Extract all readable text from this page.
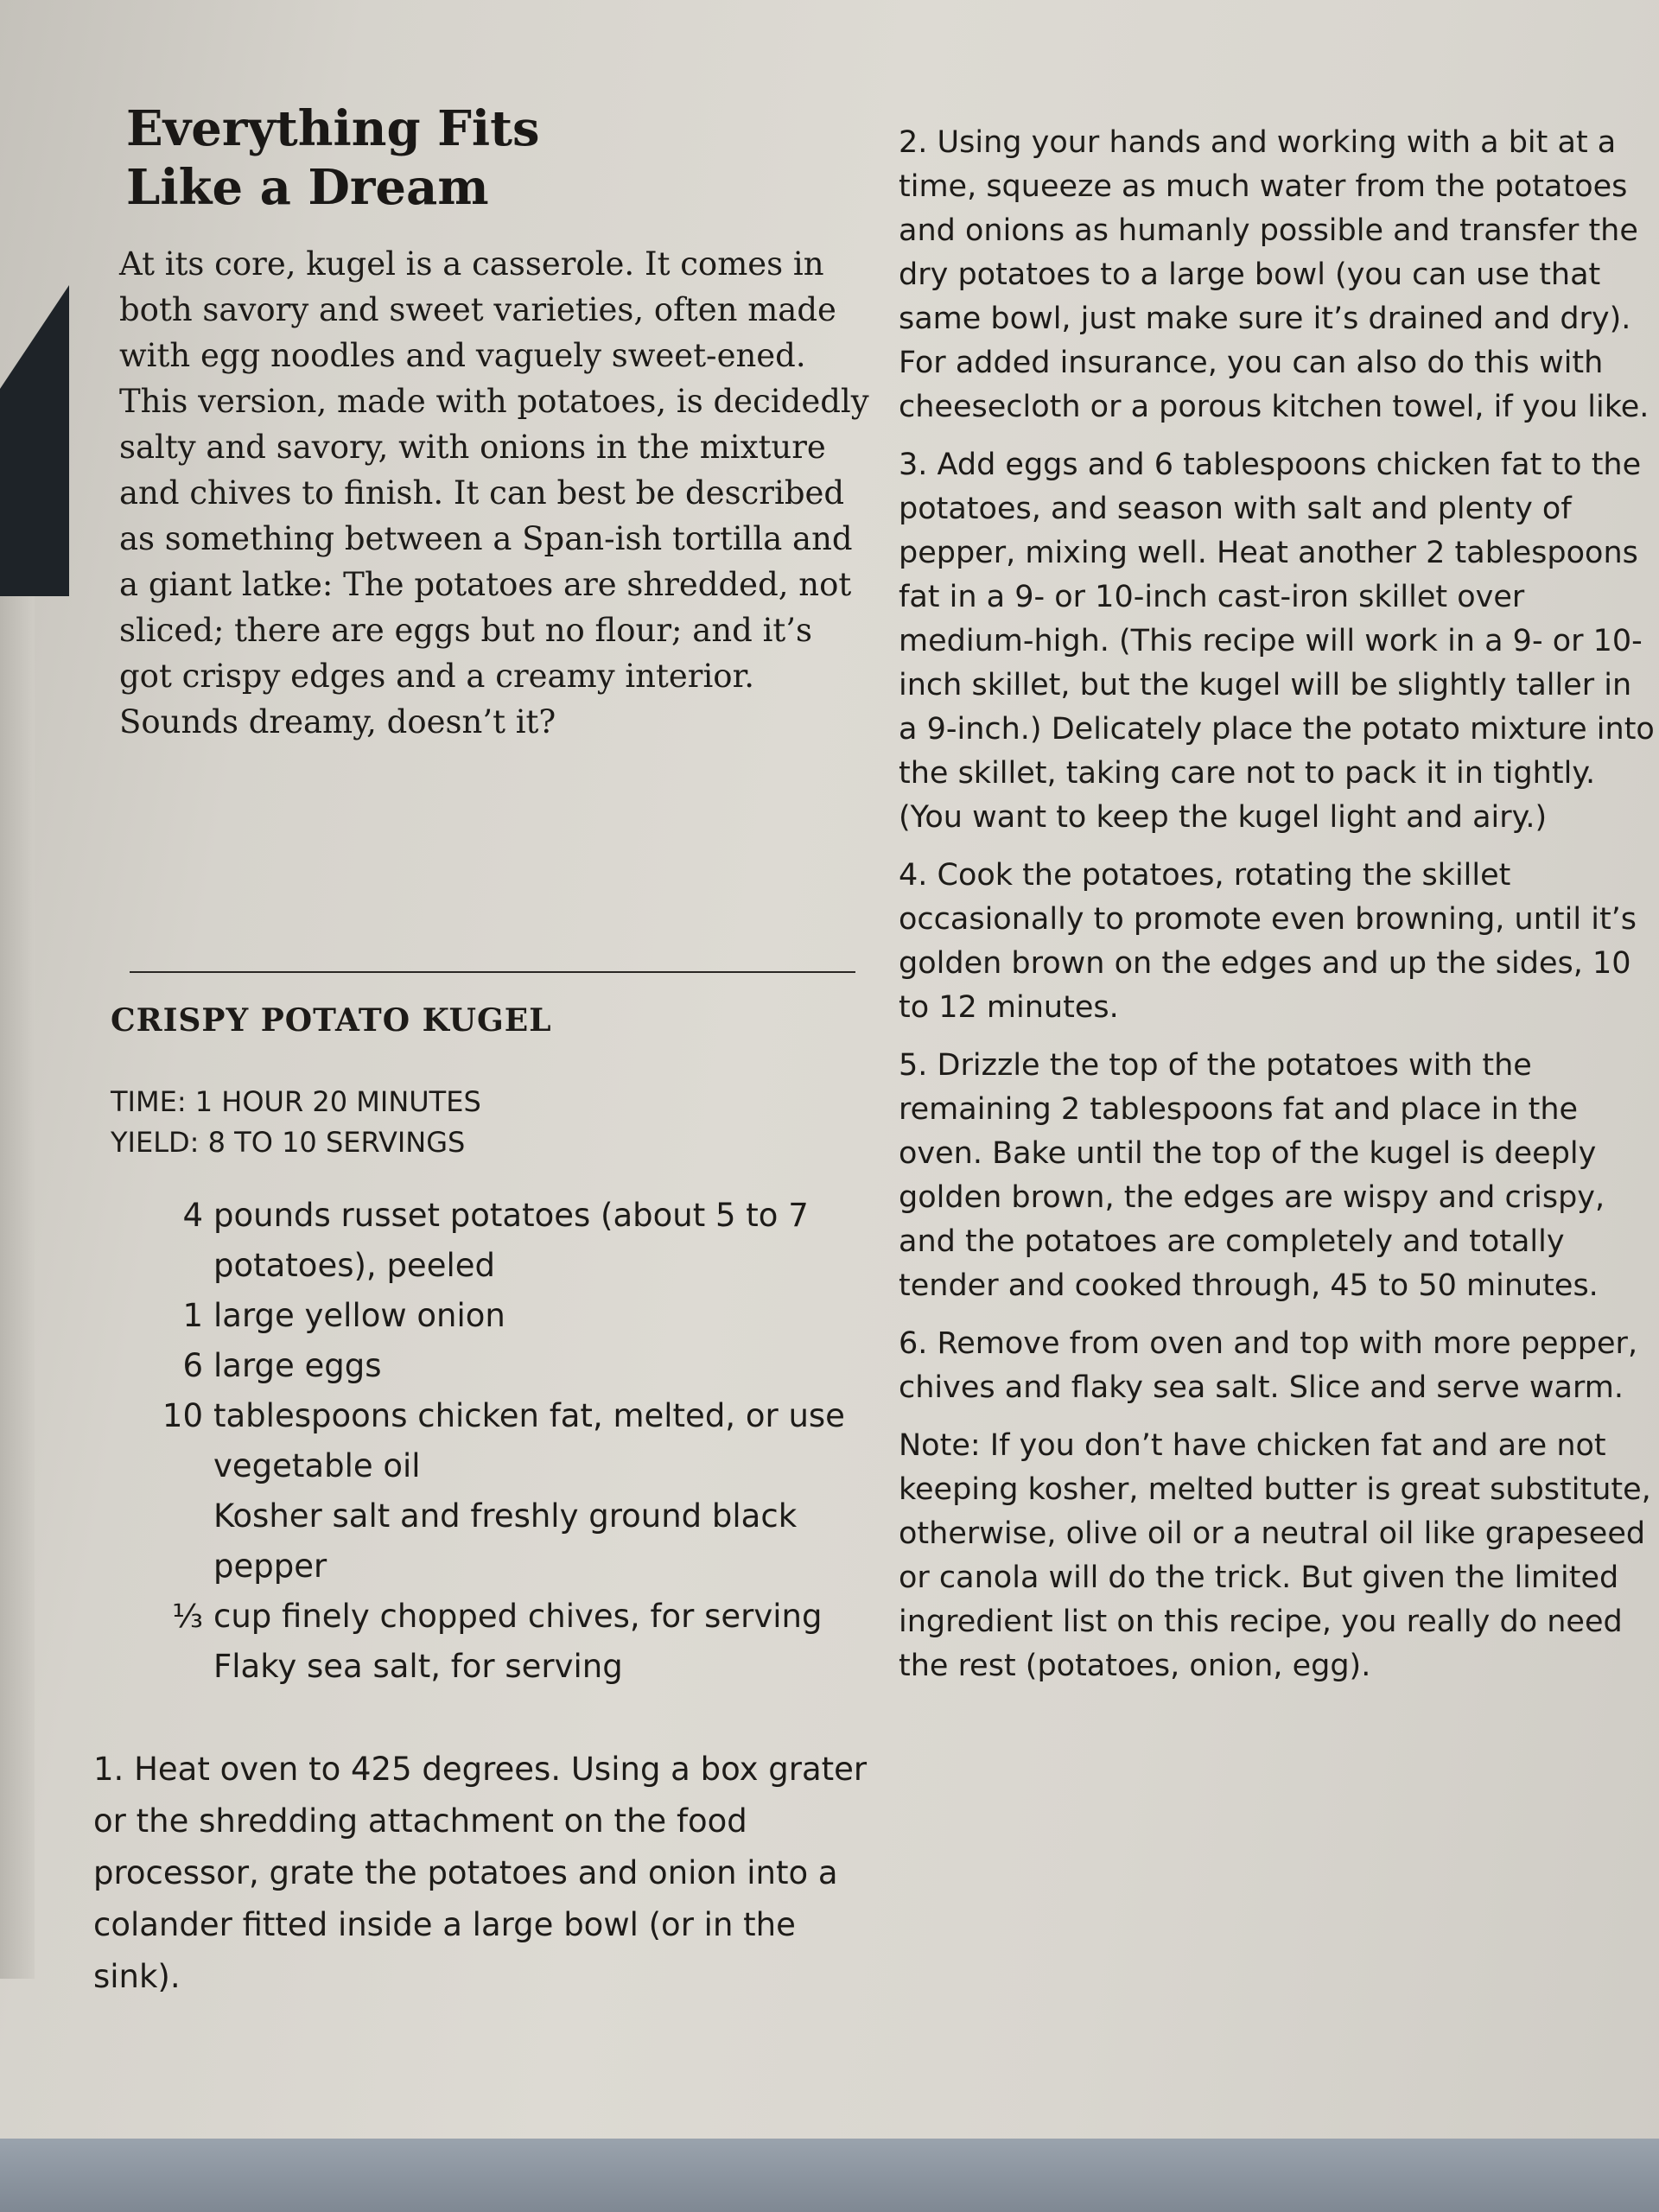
Everything Fits
Like a Dream

At its core, kugel is a casserole. It comes in both savory and sweet varieties, often made with egg noodles and vaguely sweet-ened. This version, made with potatoes, is decidedly salty and savory, with onions in the mixture and chives to finish. It can best be described as something between a Span-ish tortilla and a giant latke: The potatoes are shredded, not sliced; there are eggs but no flour; and it’s got crispy edges and a creamy interior. Sounds dreamy, doesn’t it?

CRISPY POTATO KUGEL
TIME: 1 HOUR 20 MINUTES
YIELD: 8 TO 10 SERVINGS
4 pounds russet potatoes (about 5 to 7 potatoes), peeled
1 large yellow onion
6 large eggs
10 tablespoons chicken fat, melted, or use vegetable oil
Kosher salt and freshly ground black pepper
⅓ cup finely chopped chives, for serving
Flaky sea salt, for serving

1. Heat oven to 425 degrees. Using a box grater or the shredding attachment on the food processor, grate the potatoes and onion into a colander fitted inside a large bowl (or in the sink).

2. Using your hands and working with a bit at a time, squeeze as much water from the potatoes and onions as humanly possible and transfer the dry potatoes to a large bowl (you can use that same bowl, just make sure it’s drained and dry). For added insurance, you can also do this with cheesecloth or a porous kitchen towel, if you like.

3. Add eggs and 6 tablespoons chicken fat to the potatoes, and season with salt and plenty of pepper, mixing well. Heat another 2 tablespoons fat in a 9- or 10-inch cast-iron skillet over medium-high. (This recipe will work in a 9- or 10-inch skillet, but the kugel will be slightly taller in a 9-inch.) Delicately place the potato mixture into the skillet, taking care not to pack it in tightly. (You want to keep the kugel light and airy.)

4. Cook the potatoes, rotating the skillet occasionally to promote even browning, until it’s golden brown on the edges and up the sides, 10 to 12 minutes.

5. Drizzle the top of the potatoes with the remaining 2 tablespoons fat and place in the oven. Bake until the top of the kugel is deeply golden brown, the edges are wispy and crispy, and the potatoes are completely and totally tender and cooked through, 45 to 50 minutes.

6. Remove from oven and top with more pepper, chives and flaky sea salt. Slice and serve warm.

Note: If you don’t have chicken fat and are not keeping kosher, melted butter is great substitute, otherwise, olive oil or a neutral oil like grapeseed or canola will do the trick. But given the limited ingredient list on this recipe, you really do need the rest (potatoes, onion, egg).
